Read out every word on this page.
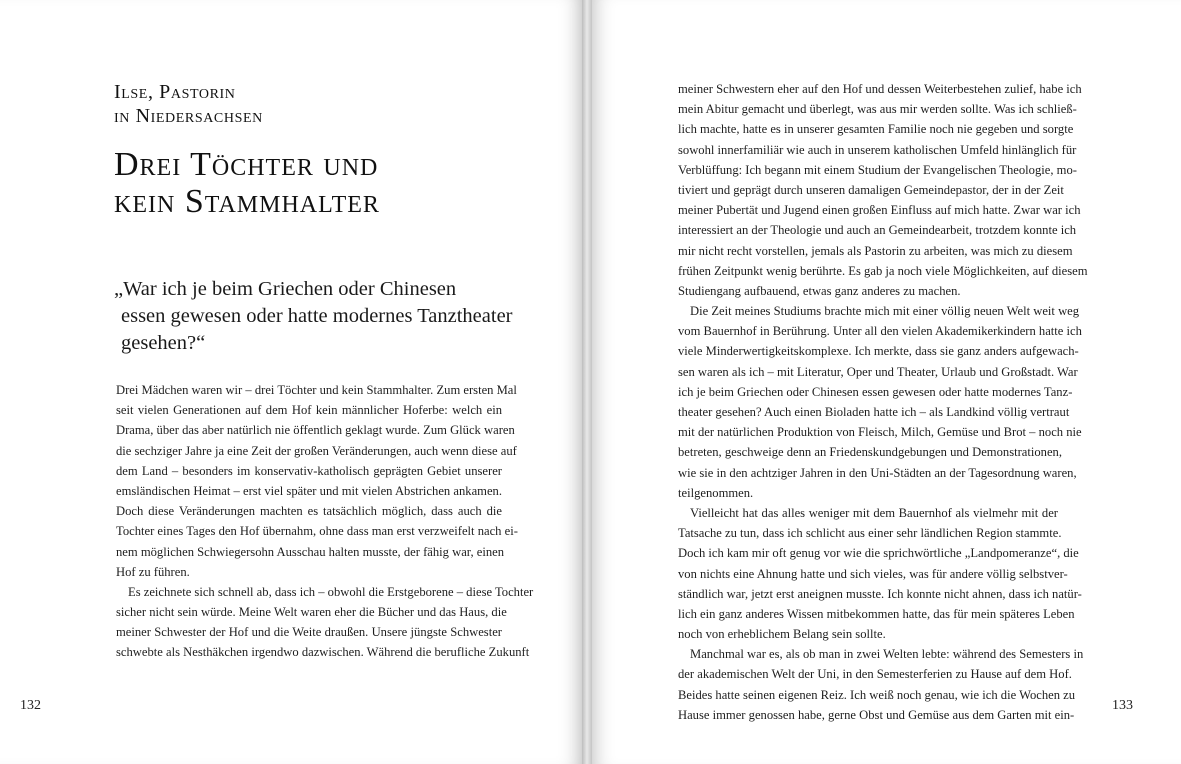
Ilse, Pastorin
in Niedersachsen
Drei Töchter und
kein Stammhalter
„War ich je beim Griechen oder Chinesen
essen gewesen oder hatte modernes Tanztheater
gesehen?“
Drei Mädchen waren wir – drei Töchter und kein Stammhalter. Zum ersten Mal
seit vielen Generationen auf dem Hof kein männlicher Hoferbe: welch ein
Drama, über das aber natürlich nie öffentlich geklagt wurde. Zum Glück waren
die sechziger Jahre ja eine Zeit der großen Veränderungen, auch wenn diese auf
dem Land – besonders im konservativ-katholisch geprägten Gebiet unserer
emsländischen Heimat – erst viel später und mit vielen Abstrichen ankamen.
Doch diese Veränderungen machten es tatsächlich möglich, dass auch die
Tochter eines Tages den Hof übernahm, ohne dass man erst verzweifelt nach ei-
nem möglichen Schwiegersohn Ausschau halten musste, der fähig war, einen
Hof zu führen.
Es zeichnete sich schnell ab, dass ich – obwohl die Erstgeborene – diese Tochter
sicher nicht sein würde. Meine Welt waren eher die Bücher und das Haus, die
meiner Schwester der Hof und die Weite draußen. Unsere jüngste Schwester
schwebte als Nesthäkchen irgendwo dazwischen. Während die berufliche Zukunft
132
meiner Schwestern eher auf den Hof und dessen Weiterbestehen zulief, habe ich
mein Abitur gemacht und überlegt, was aus mir werden sollte. Was ich schließ-
lich machte, hatte es in unserer gesamten Familie noch nie gegeben und sorgte
sowohl innerfamiliär wie auch in unserem katholischen Umfeld hinlänglich für
Verblüffung: Ich begann mit einem Studium der Evangelischen Theologie, mo-
tiviert und geprägt durch unseren damaligen Gemeindepastor, der in der Zeit
meiner Pubertät und Jugend einen großen Einfluss auf mich hatte. Zwar war ich
interessiert an der Theologie und auch an Gemeindearbeit, trotzdem konnte ich
mir nicht recht vorstellen, jemals als Pastorin zu arbeiten, was mich zu diesem
frühen Zeitpunkt wenig berührte. Es gab ja noch viele Möglichkeiten, auf diesem
Studiengang aufbauend, etwas ganz anderes zu machen.
Die Zeit meines Studiums brachte mich mit einer völlig neuen Welt weit weg
vom Bauernhof in Berührung. Unter all den vielen Akademikerkindern hatte ich
viele Minderwertigkeitskomplexe. Ich merkte, dass sie ganz anders aufgewach-
sen waren als ich – mit Literatur, Oper und Theater, Urlaub und Großstadt. War
ich je beim Griechen oder Chinesen essen gewesen oder hatte modernes Tanz-
theater gesehen? Auch einen Bioladen hatte ich – als Landkind völlig vertraut
mit der natürlichen Produktion von Fleisch, Milch, Gemüse und Brot – noch nie
betreten, geschweige denn an Friedenskundgebungen und Demonstrationen,
wie sie in den achtziger Jahren in den Uni-Städten an der Tagesordnung waren,
teilgenommen.
Vielleicht hat das alles weniger mit dem Bauernhof als vielmehr mit der
Tatsache zu tun, dass ich schlicht aus einer sehr ländlichen Region stammte.
Doch ich kam mir oft genug vor wie die sprichwörtliche „Landpomeranze“, die
von nichts eine Ahnung hatte und sich vieles, was für andere völlig selbstver-
ständlich war, jetzt erst aneignen musste. Ich konnte nicht ahnen, dass ich natür-
lich ein ganz anderes Wissen mitbekommen hatte, das für mein späteres Leben
noch von erheblichem Belang sein sollte.
Manchmal war es, als ob man in zwei Welten lebte: während des Semesters in
der akademischen Welt der Uni, in den Semesterferien zu Hause auf dem Hof.
Beides hatte seinen eigenen Reiz. Ich weiß noch genau, wie ich die Wochen zu
Hause immer genossen habe, gerne Obst und Gemüse aus dem Garten mit ein-
133
